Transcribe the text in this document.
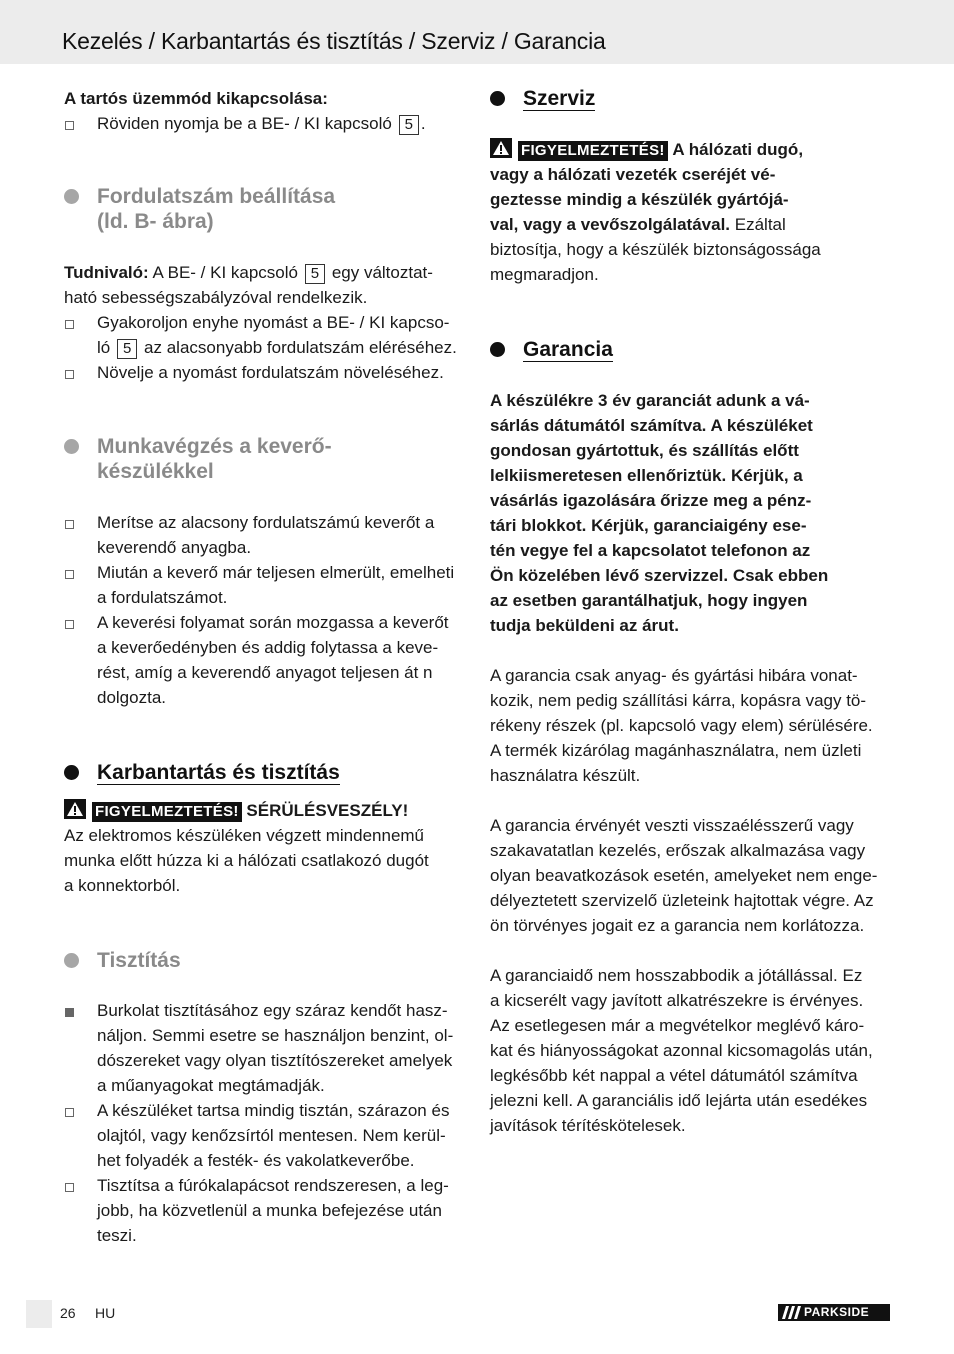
Kezelés / Karbantartás és tisztítás / Szerviz / Garancia

A tartós üzemmód kikapcsolása:

Röviden nyomja be a BE- / KI kapcsoló 5 .
Fordulatszám beállítása
(ld. B- ábra)

Tudnivaló: A BE- / KI kapcsoló 5 egy változtat-
ható sebességszabályzóval rendelkezik.

Gyakoroljon enyhe nyomást a BE- / KI kapcso-
ló 5 az alacsonyabb fordulatszám eléréséhez.
Növelje a nyomást fordulatszám növeléséhez.
Munkavégzés a keverő-
készülékkel
Merítse az alacsony fordulatszámú keverőt a
keverendő anyagba.
Miután a keverő már teljesen elmerült, emelheti
a fordulatszámot.
A keverési folyamat során mozgassa a keverőt
a keverőedényben és addig folytassa a keve-
rést, amíg a keverendő anyagot teljesen át n
dolgozta.
Karbantartás és tisztítás

FIGYELMEZTETÉS! SÉRÜLÉSVESZÉLY!
Az elektromos készüléken végzett mindennemű
munka előtt húzza ki a hálózati csatlakozó dugót
a konnektorból.

Tisztítás
Burkolat tisztításához egy száraz kendőt hasz-
náljon. Semmi esetre se használjon benzint, ol-
dószereket vagy olyan tisztítószereket amelyek
a műanyagokat megtámadják.
A készüléket tartsa mindig tisztán, szárazon és
olajtól, vagy kenőzsírtól mentesen. Nem kerül-
het folyadék a festék- és vakolatkeverőbe.
Tisztítsa a fúrókalapácsot rendszeresen, a leg-
jobb, ha közvetlenül a munka befejezése után
teszi.
Szerviz

FIGYELMEZTETÉS! A hálózati dugó,
vagy a hálózati vezeték cseréjét vé-
geztesse mindig a készülék gyártójá-
val, vagy a vevőszolgálatával. Ezáltal
biztosítja, hogy a készülék biztonságossága
megmaradjon.

Garancia

A készülékre 3 év garanciát adunk a vá-
sárlás dátumától számítva. A készüléket
gondosan gyártottuk, és szállítás előtt
lelkiismeretesen ellenőriztük. Kérjük, a
vásárlás igazolására őrizze meg a pénz-
tári blokkot. Kérjük, garanciaigény ese-
tén vegye fel a kapcsolatot telefonon az
Ön közelében lévő szervizzel. Csak ebben
az esetben garantálhatjuk, hogy ingyen
tudja beküldeni az árut.

A garancia csak anyag- és gyártási hibára vonat-
kozik, nem pedig szállítási kárra, kopásra vagy tö-
rékeny részek (pl. kapcsoló vagy elem) sérülésére.
A termék kizárólag magánhasználatra, nem üzleti
használatra készült.

A garancia érvényét veszti visszaélésszerű vagy
szakavatatlan kezelés, erőszak alkalmazása vagy
olyan beavatkozások esetén, amelyeket nem enge-
délyeztetett szervizelő üzleteink hajtottak végre. Az
ön törvényes jogait ez a garancia nem korlátozza.

A garanciaidő nem hosszabbodik a jótállással. Ez
a kicserélt vagy javított alkatrészekre is érvényes.
Az esetlegesen már a megvételkor meglévő káro-
kat és hiányosságokat azonnal kicsomagolás után,
legkésőbb két nappal a vétel dátumától számítva
jelezni kell. A garanciális idő lejárta után esedékes
javítások térítéskötelesek.

26 HU	PARKSIDE
